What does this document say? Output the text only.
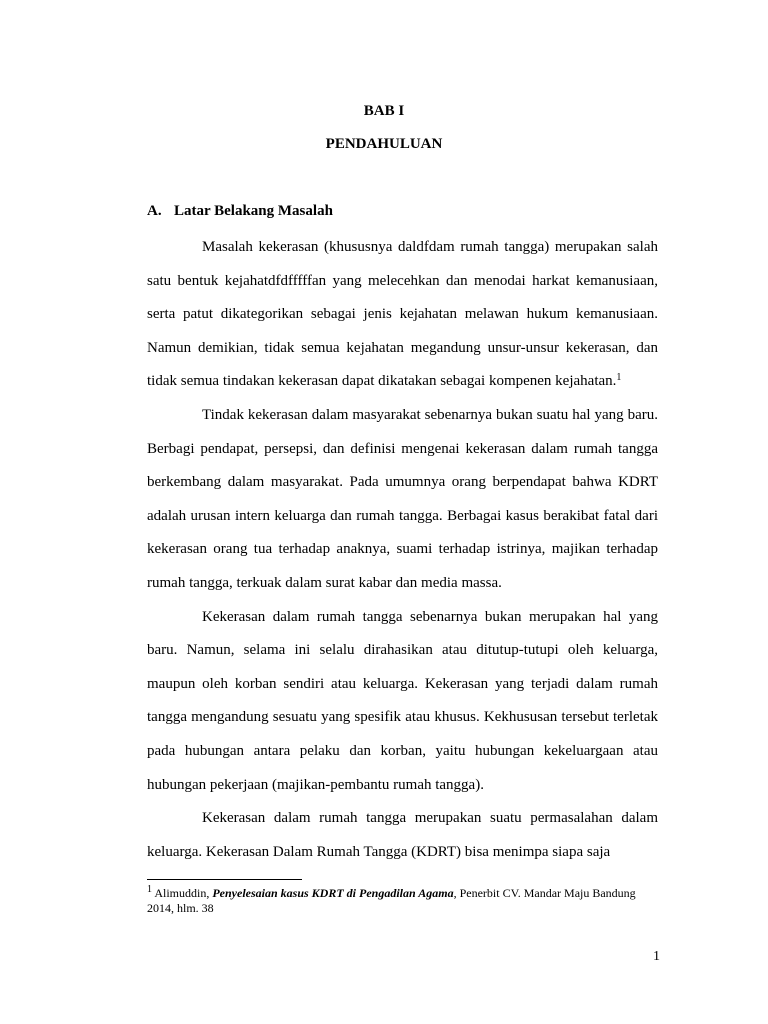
BAB I
PENDAHULUAN
A. Latar Belakang Masalah

Masalah kekerasan (khususnya daldfdam rumah tangga) merupakan salah satu bentuk kejahatdfdfffffan yang melecehkan dan menodai harkat kemanusiaan, serta patut dikategorikan sebagai jenis kejahatan melawan hukum kemanusiaan. Namun demikian, tidak semua kejahatan megandung unsur-unsur kekerasan, dan tidak semua tindakan kekerasan dapat dikatakan sebagai kompenen kejahatan.$^1$

Tindak kekerasan dalam masyarakat sebenarnya bukan suatu hal yang baru. Berbagi pendapat, persepsi, dan definisi mengenai kekerasan dalam rumah tangga berkembang dalam masyarakat. Pada umumnya orang berpendapat bahwa KDRT adalah urusan intern keluarga dan rumah tangga. Berbagai kasus berakibat fatal dari kekerasan orang tua terhadap anaknya, suami terhadap istrinya, majikan terhadap rumah tangga, terkuak dalam surat kabar dan media massa.

Kekerasan dalam rumah tangga sebenarnya bukan merupakan hal yang baru. Namun, selama ini selalu dirahasikan atau ditutup-tutupi oleh keluarga, maupun oleh korban sendiri atau keluarga. Kekerasan yang terjadi dalam rumah tangga mengandung sesuatu yang spesifik atau khusus. Kekhususan tersebut terletak pada hubungan antara pelaku dan korban, yaitu hubungan kekeluargaan atau hubungan pekerjaan (majikan-pembantu rumah tangga).

Kekerasan dalam rumah tangga merupakan suatu permasalahan dalam keluarga. Kekerasan Dalam Rumah Tangga (KDRT) bisa menimpa siapa saja

$^1$ Alimuddin, Penyelesaian kasus KDRT di Pengadilan Agama, Penerbit CV. Mandar Maju Bandung 2014, hlm. 38
1
